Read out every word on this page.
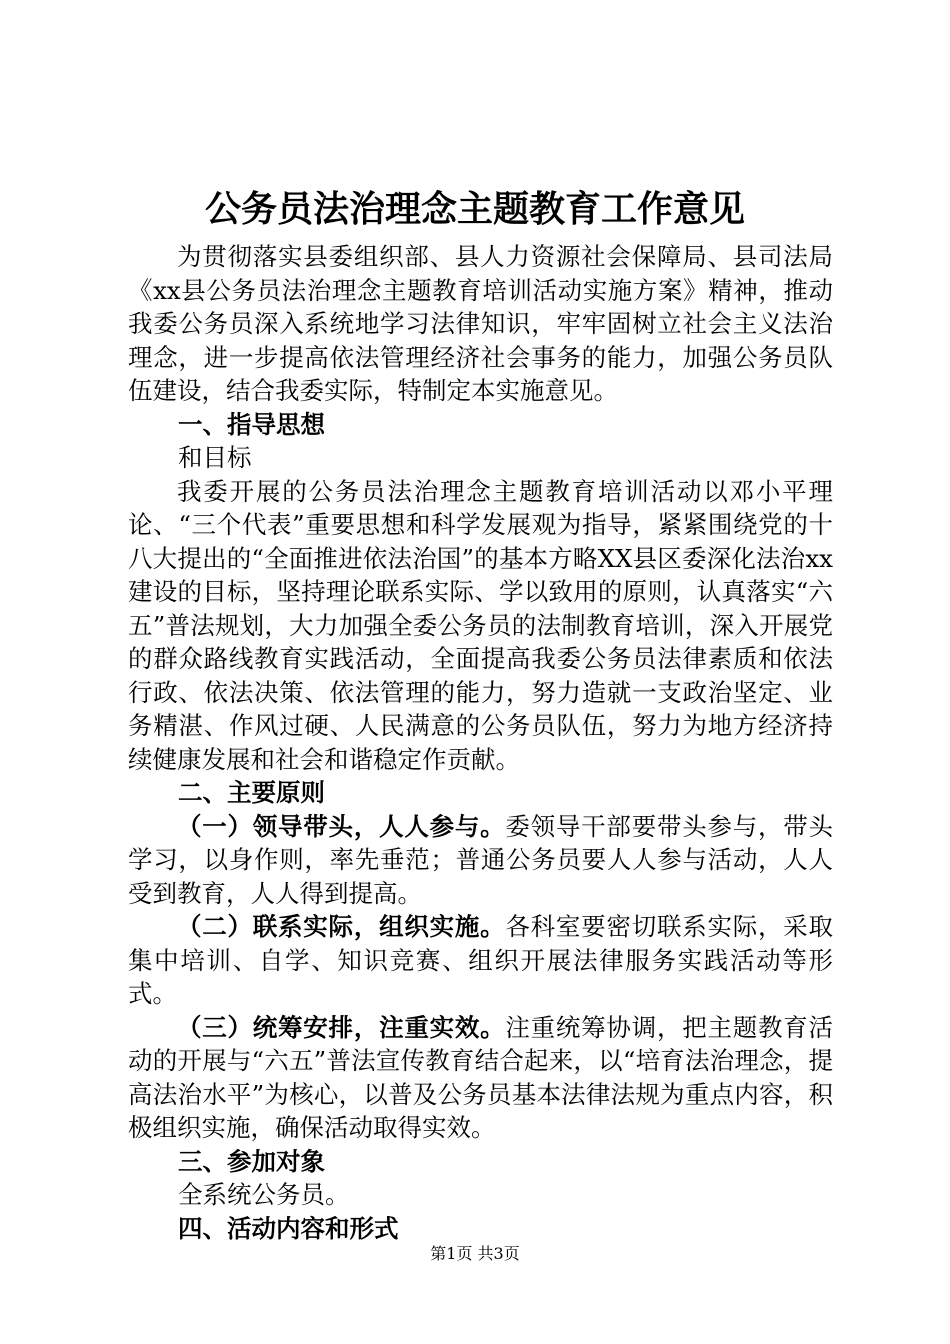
公务员法治理念主题教育工作意见

为贯彻落实县委组织部、县人力资源社会保障局、县司法局《xx县公务员法治理念主题教育培训活动实施方案》精神，推动我委公务员深入系统地学习法律知识，牢牢固树立社会主义法治理念，进一步提高依法管理经济社会事务的能力，加强公务员队伍建设，结合我委实际，特制定本实施意见。

一、指导思想

和目标

我委开展的公务员法治理念主题教育培训活动以邓小平理论、“三个代表”重要思想和科学发展观为指导，紧紧围绕党的十八大提出的“全面推进依法治国”的基本方略XX县区委深化法治xx建设的目标，坚持理论联系实际、学以致用的原则，认真落实“六五”普法规划，大力加强全委公务员的法制教育培训，深入开展党的群众路线教育实践活动，全面提高我委公务员法律素质和依法行政、依法决策、依法管理的能力，努力造就一支政治坚定、业务精湛、作风过硬、人民满意的公务员队伍，努力为地方经济持续健康发展和社会和谐稳定作贡献。

二、主要原则

（一）领导带头，人人参与。委领导干部要带头参与，带头学习，以身作则，率先垂范；普通公务员要人人参与活动，人人受到教育，人人得到提高。

（二）联系实际，组织实施。各科室要密切联系实际，采取集中培训、自学、知识竞赛、组织开展法律服务实践活动等形式。

（三）统筹安排，注重实效。注重统筹协调，把主题教育活动的开展与“六五”普法宣传教育结合起来，以“培育法治理念，提高法治水平”为核心，以普及公务员基本法律法规为重点内容，积极组织实施，确保活动取得实效。

三、参加对象

全系统公务员。

四、活动内容和形式

第1页 共3页
